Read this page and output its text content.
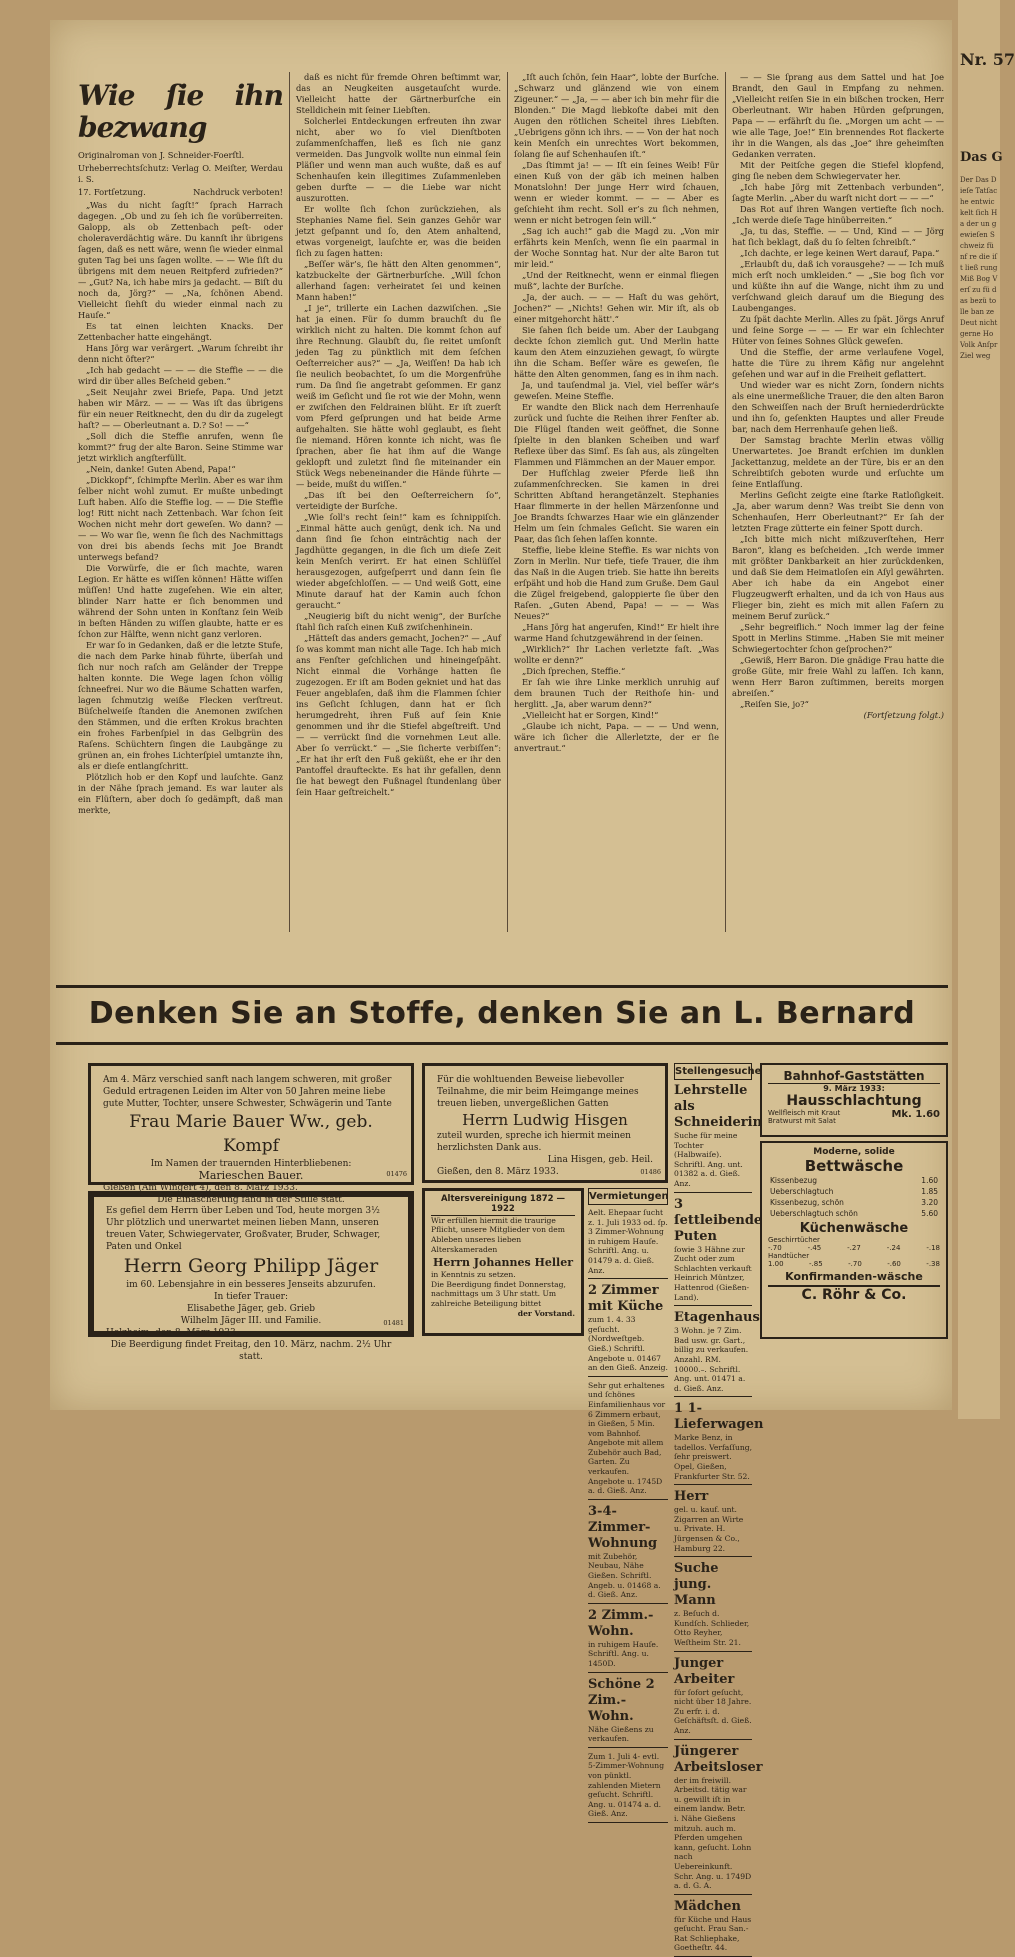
Nr. 57
Das G
Der Das Dieſe Tatſache entwickelt ſich Ha der un gewieſen Schweiz fünf re die iſt ließ rung Miß Bog Verſ zu fü das bezü tolle ban ze Deut nicht gerne Ho Volk Anſpr Ziel weg
Wie ſie ihn bezwang
Originalroman von J. Schneider-Foerſtl.
Urheberrechtsſchutz: Verlag O. Meiſter, Werdau i. S.
17. Fortſetzung.	Nachdruck verboten!

„Was du nicht ſagſt!“ ſprach Harrach dagegen. „Ob und zu ſeh ich ſie vorüberreiten. Galopp, als ob Zettenbach peſt- oder choleraverdächtig wäre. Du kannſt ihr übrigens ſagen, daß es nett wäre, wenn ſie wieder einmal guten Tag bei uns ſagen wollte. — — Wie ſiſt du übrigens mit dem neuen Reitpferd zufrieden?“ — „Gut? Na, ich habe mirs ja gedacht. — Biſt du noch da, Jörg?“ — „Na, ſchönen Abend. Vielleicht ſiehſt du wieder einmal nach zu Hauſe.“

Es tat einen leichten Knacks. Der Zettenbacher hatte eingehängt.

Hans Jörg war verärgert. „Warum ſchreibt ihr denn nicht öfter?“

„Ich hab gedacht — — — die Steffie — — die wird dir über alles Beſcheid geben.“

„Seit Neujahr zwei Briefe, Papa. Und jetzt haben wir März. — — — Was iſt das übrigens für ein neuer Reitknecht, den du dir da zugelegt haſt? — — Oberleutnant a. D.? So! — —“

„Soll dich die Steffie anrufen, wenn ſie kommt?“ frug der alte Baron. Seine Stimme war jetzt wirklich angſterfüllt.

„Nein, danke! Guten Abend, Papa!“

„Dickkopf“, ſchimpfte Merlin. Aber es war ihm ſelber nicht wohl zumut. Er mußte unbedingt Luft haben. Alſo die Steffie log. — — Die Steffie log! Ritt nicht nach Zettenbach. War ſchon ſeit Wochen nicht mehr dort geweſen. Wo dann? — — — Wo war ſie, wenn ſie ſich des Nachmittags von drei bis abends ſechs mit Joe Brandt unterwegs befand?

Die Vorwürfe, die er ſich machte, waren Legion. Er hätte es wiſſen können! Hätte wiſſen müſſen! Und hatte zugeſehen. Wie ein alter, blinder Narr hatte er ſich benommen und während der Sohn unten in Konſtanz ſein Weib in beſten Händen zu wiſſen glaubte, hatte er es ſchon zur Hälfte, wenn nicht ganz verloren.

Er war ſo in Gedanken, daß er die letzte Stufe, die nach dem Parke hinab führte, überſah und ſich nur noch raſch am Geländer der Treppe halten konnte. Die Wege lagen ſchon völlig ſchneefrei. Nur wo die Bäume Schatten warfen, lagen ſchmutzig weiße Flecken verſtreut. Büſchelweiſe ſtanden die Anemonen zwiſchen den Stämmen, und die erſten Krokus brachten ein frohes Farbenſpiel in das Gelbgrün des Raſens. Schüchtern ſingen die Laubgänge zu grünen an, ein frohes Lichterſpiel umtanzte ihn, als er dieſe entlangſchritt.

Plötzlich hob er den Kopf und lauſchte. Ganz in der Nähe ſprach jemand. Es war lauter als ein Flüſtern, aber doch ſo gedämpft, daß man merkte,

daß es nicht für fremde Ohren beſtimmt war, das an Neugkeiten ausgetauſcht wurde. Vielleicht hatte der Gärtnerburſche ein Stelldichein mit ſeiner Liebſten.

Solcherlei Entdeckungen erfreuten ihn zwar nicht, aber wo ſo viel Dienſtboten zuſammenſchaffen, ließ es ſich nie ganz vermeiden. Das Jungvolk wollte nun einmal ſein Pläſier und wenn man auch wußte, daß es auf Schenhauſen kein illegitimes Zuſammenleben geben durfte — — die Liebe war nicht auszurotten.

Er wollte ſich ſchon zurückziehen, als Stephanies Name fiel. Sein ganzes Gehör war jetzt geſpannt und ſo, den Atem anhaltend, etwas vorgeneigt, lauſchte er, was die beiden ſich zu ſagen hatten:

„Beſſer wär’s, ſie hätt den Alten genommen“, katzbuckelte der Gärtnerburſche. „Will ſchon allerhand ſagen: verheiratet ſei und keinen Mann haben!“

„I je“, trillerte ein Lachen dazwiſchen. „Sie hat ja einen. Für ſo dumm brauchſt du ſie wirklich nicht zu halten. Die kommt ſchon auf ihre Rechnung. Glaubſt du, ſie reitet umſonſt jeden Tag zu pünktlich mit dem ſeſchen Oeſterreicher aus?“ — „Ja, Weiſſen! Da hab ich ſie neulich beobachtet, ſo um die Morgenfrühe rum. Da ſind ſie angetrabt geſommen. Er ganz weiß im Geſicht und ſie rot wie der Mohn, wenn er zwiſchen den Feldrainen blüht. Er iſt zuerſt vom Pferd geſprungen und hat beide Arme aufgehalten. Sie hätte wohl geglaubt, es ſieht ſie niemand. Hören konnte ich nicht, was ſie ſprachen, aber ſie hat ihm auf die Wange geklopft und zuletzt ſind ſie miteinander ein Stück Wegs nebeneinander die Hände führte — — beide, mußt du wiſſen.“

„Das iſt bei den Oeſterreichern ſo“, verteidigte der Burſche.

„Wie ſoll's recht ſein!“ kam es ſchnippiſch. „Einmal hätte auch genügt, denk ich. Na und dann ſind ſie ſchon einträchtig nach der Jagdhütte gegangen, in die ſich um dieſe Zeit kein Menſch verirrt. Er hat einen Schlüſſel herausgezogen, aufgeſperrt und dann ſein ſie wieder abgeſchloſſen. — — Und weiß Gott, eine Minute darauf hat der Kamin auch ſchon geraucht.“

„Neugierig biſt du nicht wenig“, der Burſche ſtahl ſich raſch einen Kuß zwiſchenhinein.

„Hätteſt das anders gemacht, Jochen?“ — „Auf ſo was kommt man nicht alle Tage. Ich hab mich ans Fenſter geſchlichen und hineingeſpäht. Nicht einmal die Vorhänge hatten ſie zugezogen. Er iſt am Boden gekniet und hat das Feuer angeblaſen, daß ihm die Flammen ſchier ins Geſicht ſchlugen, dann hat er ſich herumgedreht, ihren Fuß auf ſein Knie genommen und ihr die Stiefel abgeſtreift. Und — — verrückt ſind die vornehmen Leut alle. Aber ſo verrückt.“ — „Sie ſicherte verbiſſen“: „Er hat ihr erſt den Fuß geküßt, ehe er ihr den Pantoffel draufteckte. Es hat ihr gefallen, denn ſie hat bewegt den Fußnagel ſtundenlang über ſein Haar geſtreichelt.“

„Iſt auch ſchön, ſein Haar“, lobte der Burſche. „Schwarz und glänzend wie von einem Zigeuner.“ — „Ja, — — aber ich bin mehr für die Blonden.“ Die Magd liebkoſte dabei mit den Augen den rötlichen Scheitel ihres Liebſten. „Uebrigens gönn ich ihrs. — — Von der hat noch kein Menſch ein unrechtes Wort bekommen, ſolang ſie auf Schenhauſen iſt.“

„Das ſtimmt ja! — — Iſt ein ſeines Weib! Für einen Kuß von der gäb ich meinen halben Monatslohn! Der junge Herr wird ſchauen, wenn er wieder kommt. — — — Aber es geſchieht ihm recht. Soll er’s zu ſich nehmen, wenn er nicht betrogen ſein will.“

„Sag ich auch!“ gab die Magd zu. „Von mir erfährts kein Menſch, wenn ſie ein paarmal in der Woche Sonntag hat. Nur der alte Baron tut mir leid.“

„Und der Reitknecht, wenn er einmal fliegen muß“, lachte der Burſche.

„Ja, der auch. — — — Haſt du was gehört, Jochen?“ — „Nichts! Gehen wir. Mir iſt, als ob einer mitgehorcht hätt'.“

Sie ſahen ſich beide um. Aber der Laubgang deckte ſchon ziemlich gut. Und Merlin hatte kaum den Atem einzuziehen gewagt, ſo würgte ihn die Scham. Beſſer wäre es geweſen, ſie hätte den Alten genommen, ſang es in ihm nach.

Ja, und tauſendmal ja. Viel, viel beſſer wär's geweſen. Meine Steffie.

Er wandte den Blick nach dem Herrenhauſe zurück und ſuchte die Reihen ihrer Fenſter ab. Die Flügel ſtanden weit geöffnet, die Sonne ſpielte in den blanken Scheiben und warf Reflexe über das Simſ. Es ſah aus, als züngelten Flammen und Flämmchen an der Mauer empor.

Der Hufſchlag zweier Pferde ließ ihn zuſammenſchrecken. Sie kamen in drei Schritten Abſtand herangetänzelt. Stephanies Haar flimmerte in der hellen Märzenſonne und Joe Brandts ſchwarzes Haar wie ein glänzender Helm um ſein ſchmales Geſicht. Sie waren ein Paar, das ſich ſehen laſſen konnte.

Steffie, liebe kleine Steffie. Es war nichts von Zorn in Merlin. Nur tiefe, tiefe Trauer, die ihm das Naß in die Augen trieb. Sie hatte ihn bereits erſpäht und hob die Hand zum Gruße. Dem Gaul die Zügel freigebend, galoppierte ſie über den Raſen. „Guten Abend, Papa! — — — Was Neues?“

„Hans Jörg hat angerufen, Kind!“ Er hielt ihre warme Hand ſchutzgewährend in der ſeinen.

„Wirklich?“ Ihr Lachen verletzte faſt. „Was wollte er denn?“

„Dich ſprechen, Steffie.“

Er ſah wie ihre Linke merklich unruhig auf dem braunen Tuch der Reithoſe hin- und herglitt. „Ja, aber warum denn?“

„Vielleicht hat er Sorgen, Kind!“

„Glaube ich nicht, Papa. — — — Und wenn, wäre ich ſicher die Allerletzte, der er ſie anvertraut.“

— — Sie ſprang aus dem Sattel und hat Joe Brandt, den Gaul in Empfang zu nehmen. „Vielleicht reiſen Sie in ein bißchen trocken, Herr Oberleutnant. Wir haben Hürden geſprungen, Papa — — erfährſt du ſie. „Morgen um acht — — wie alle Tage, Joe!“ Ein brennendes Rot flackerte ihr in die Wangen, als das „Joe“ ihre geheimſten Gedanken verraten.

Mit der Peitſche gegen die Stiefel klopfend, ging ſie neben dem Schwiegervater her.

„Ich habe Jörg mit Zettenbach verbunden“, ſagte Merlin. „Aber du warſt nicht dort — — —“

Das Rot auf ihren Wangen vertiefte ſich noch. „Ich werde dieſe Tage hinüberreiten.“

„Ja, tu das, Steffie. — — Und, Kind — — Jörg hat ſich beklagt, daß du ſo ſelten ſchreibſt.“

„Ich dachte, er lege keinen Wert darauf, Papa.“

„Erlaubſt du, daß ich vorausgehe? — — Ich muß mich erſt noch umkleiden.“ — „Sie bog ſich vor und küßte ihn auf die Wange, nicht ihm zu und verſchwand gleich darauf um die Biegung des Laubenganges.

Zu ſpät dachte Merlin. Alles zu ſpät. Jörgs Anruf und ſeine Sorge — — — Er war ein ſchlechter Hüter von ſeines Sohnes Glück geweſen.

Und die Steffie, der arme verlaufene Vogel, hatte die Türe zu ihrem Käfig nur angelehnt geſehen und war auf in die Freiheit geflattert.

Und wieder war es nicht Zorn, ſondern nichts als eine unermeßliche Trauer, die den alten Baron den Schweiſſen nach der Bruſt herniederdrückte und ihn ſo, geſenkten Hauptes und aller Freude bar, nach dem Herrenhauſe gehen ließ.

Der Samstag brachte Merlin etwas völlig Unerwartetes. Joe Brandt erſchien im dunklen Jackettanzug, meldete an der Türe, bis er an den Schreibtiſch geboten wurde und erſuchte um ſeine Entlaſſung.

Merlins Geſicht zeigte eine ſtarke Ratloſigkeit. „Ja, aber warum denn? Was treibt Sie denn von Schenhauſen, Herr Oberleutnant?“ Er ſah der letzten Frage zütterte ein feiner Spott durch.

„Ich bitte mich nicht mißzuverſtehen, Herr Baron“, klang es beſcheiden. „Ich werde immer mit größter Dankbarkeit an hier zurückdenken, und daß Sie dem Heimatloſen ein Aſyl gewährten. Aber ich habe da ein Angebot einer Flugzeugwerft erhalten, und da ich von Haus aus Flieger bin, zieht es mich mit allen Faſern zu meinem Beruf zurück.“

„Sehr begreiflich.“ Noch immer lag der feine Spott in Merlins Stimme. „Haben Sie mit meiner Schwiegertochter ſchon geſprochen?“

„Gewiß, Herr Baron. Die gnädige Frau hatte die große Güte, mir freie Wahl zu laſſen. Ich kann, wenn Herr Baron zuſtimmen, bereits morgen abreiſen.“

„Reiſen Sie, jo?“

(Fortſetzung folgt.)
Denken Sie an Stoffe, denken Sie an L. Bernard
Am 4. März verschied sanft nach langem schweren, mit großer Geduld ertragenen Leiden im Alter von 50 Jahren meine liebe gute Mutter, Tochter, unsere Schwester, Schwägerin und Tante
Frau Marie Bauer Ww., geb. Kompf
Im Namen der trauernden Hinterbliebenen:
Marieschen Bauer.
Gießen (Am Wingert 4), den 8. März 1933.
Die Einäscherung fand in der Stille statt.
01476
Es gefiel dem Herrn über Leben und Tod, heute morgen 3½ Uhr plötzlich und unerwartet meinen lieben Mann, unseren treuen Vater, Schwiegervater, Großvater, Bruder, Schwager, Paten und Onkel
Herrn Georg Philipp Jäger
im 60. Lebensjahre in ein besseres Jenseits abzurufen.
In tiefer Trauer:
Elisabethe Jäger, geb. Grieb
Wilhelm Jäger III. und Familie.
Holzheim, den 8. März 1933.
Die Beerdigung findet Freitag, den 10. März, nachm. 2½ Uhr statt.
01481
Für die wohltuenden Beweise liebevoller Teilnahme, die mir beim Heimgange meines treuen lieben, unvergeßlichen Gatten
Herrn Ludwig Hisgen
zuteil wurden, spreche ich hiermit meinen herzlichsten Dank aus.
Lina Hisgen, geb. Heil.
Gießen, den 8. März 1933.	01486
Altersvereinigung 1872 — 1922
Wir erfüllen hiermit die traurige Pflicht, unsere Mitglieder von dem Ableben unseres lieben Alterskameraden
Herrn Johannes Heller
in Kenntnis zu setzen.
Die Beerdigung findet Donnerstag, nachmittags um 3 Uhr statt. Um zahlreiche Beteiligung bittet
der Vorstand.
Vermietungen
Aelt. Ehepaar ſucht z. 1. Juli 1933 od. ſp. 3 Zimmer-Wohnung in ruhigem Hauſe. Schriftl. Ang. u. 01479 a. d. Gieß. Anz.
2 Zimmer mit Küche
zum 1. 4. 33 geſucht. (Nordweſtgeb. Gieß.) Schriftl. Angebote u. 01467 an den Gieß. Anzeig.
Sehr gut erhaltenes und ſchönes Einfamilienhaus vor 6 Zimmern erbaut, in Gießen, 5 Min. vom Bahnhof. Angebote mit allem Zubehör auch Bad, Garten. Zu verkaufen. Angebote u. 1745D a. d. Gieß. Anz.
3-4-Zimmer-Wohnung
mit Zubehör, Neubau, Nähe Gießen. Schriftl. Angeb. u. 01468 a. d. Gieß. Anz.
2 Zimm.-Wohn.
in ruhigem Hauſe. Schriftl. Ang. u. 1450D.
Schöne 2 Zim.-Wohn.
Nähe Gießens zu verkaufen.
Zum 1. Juli 4- evtl. 5-Zimmer-Wohnung von pünktl. zahlenden Mietern geſucht. Schriftl. Ang. u. 01474 a. d. Gieß. Anz.
Stellengesuche
Lehrstelle als Schneiderin
Suche für meine Tochter (Halbwaiſe). Schriftl. Ang. unt. 01382 a. d. Gieß. Anz.
3 ſettleibende Puten
ſowie 3 Hähne zur Zucht oder zum Schlachten verkauft Heinrich Müntzer, Hattenrod (Gießen-Land).
Etagenhaus
3 Wohn. je 7 Zim. Bad usw. gr. Gart., billig zu verkaufen. Anzahl. RM. 10000.–. Schriftl. Ang. unt. 01471 a. d. Gieß. Anz.
1 1-Lieferwagen
Marke Benz, in tadellos. Verfaſſung, ſehr preiswert. Opel, Gießen, Frankfurter Str. 52.
Herr
gel. u. kauf. unt. Zigarren an Wirte u. Private. H. Jürgensen & Co., Hamburg 22.
Suche jung. Mann
z. Beſuch d. Kundſch. Schlieder, Otto Reyher, Weſtheim Str. 21.
Junger Arbeiter
für ſofort geſucht, nicht über 18 Jahre. Zu erfr. i. d. Geſchäftsſt. d. Gieß. Anz.
Jüngerer Arbeitsloser
der im freiwill. Arbeitsd. tätig war u. gewillt iſt in einem landw. Betr. i. Nähe Gießens mitzuh. auch m. Pferden umgehen kann, geſucht. Lohn nach Uebereinkunft. Schr. Ang. u. 1749D a. d. G. A.
Mädchen
für Küche und Haus geſucht. Frau San.-Rat Schliephake, Goetheſtr. 44.
Bahnhof-Gaststätten
9. März 1933:
Hausschlachtung
Wellfleisch mit Kraut
Bratwurst mit Salat
Mk. 1.60
Moderne, solide
Bettwäsche
Kissenbezug	1.60
Ueberschlagtuch	1.85
Kissenbezug, schön	3.20
Ueberschlagtuch schön	5.60
Küchenwäsche
Geschirrtücher
-.70	-.45	-.27	-.24	-.18
Handtücher
1.00	-.85	-.70	-.60	-.38
Konfirmanden-wäsche
C. Röhr & Co.
